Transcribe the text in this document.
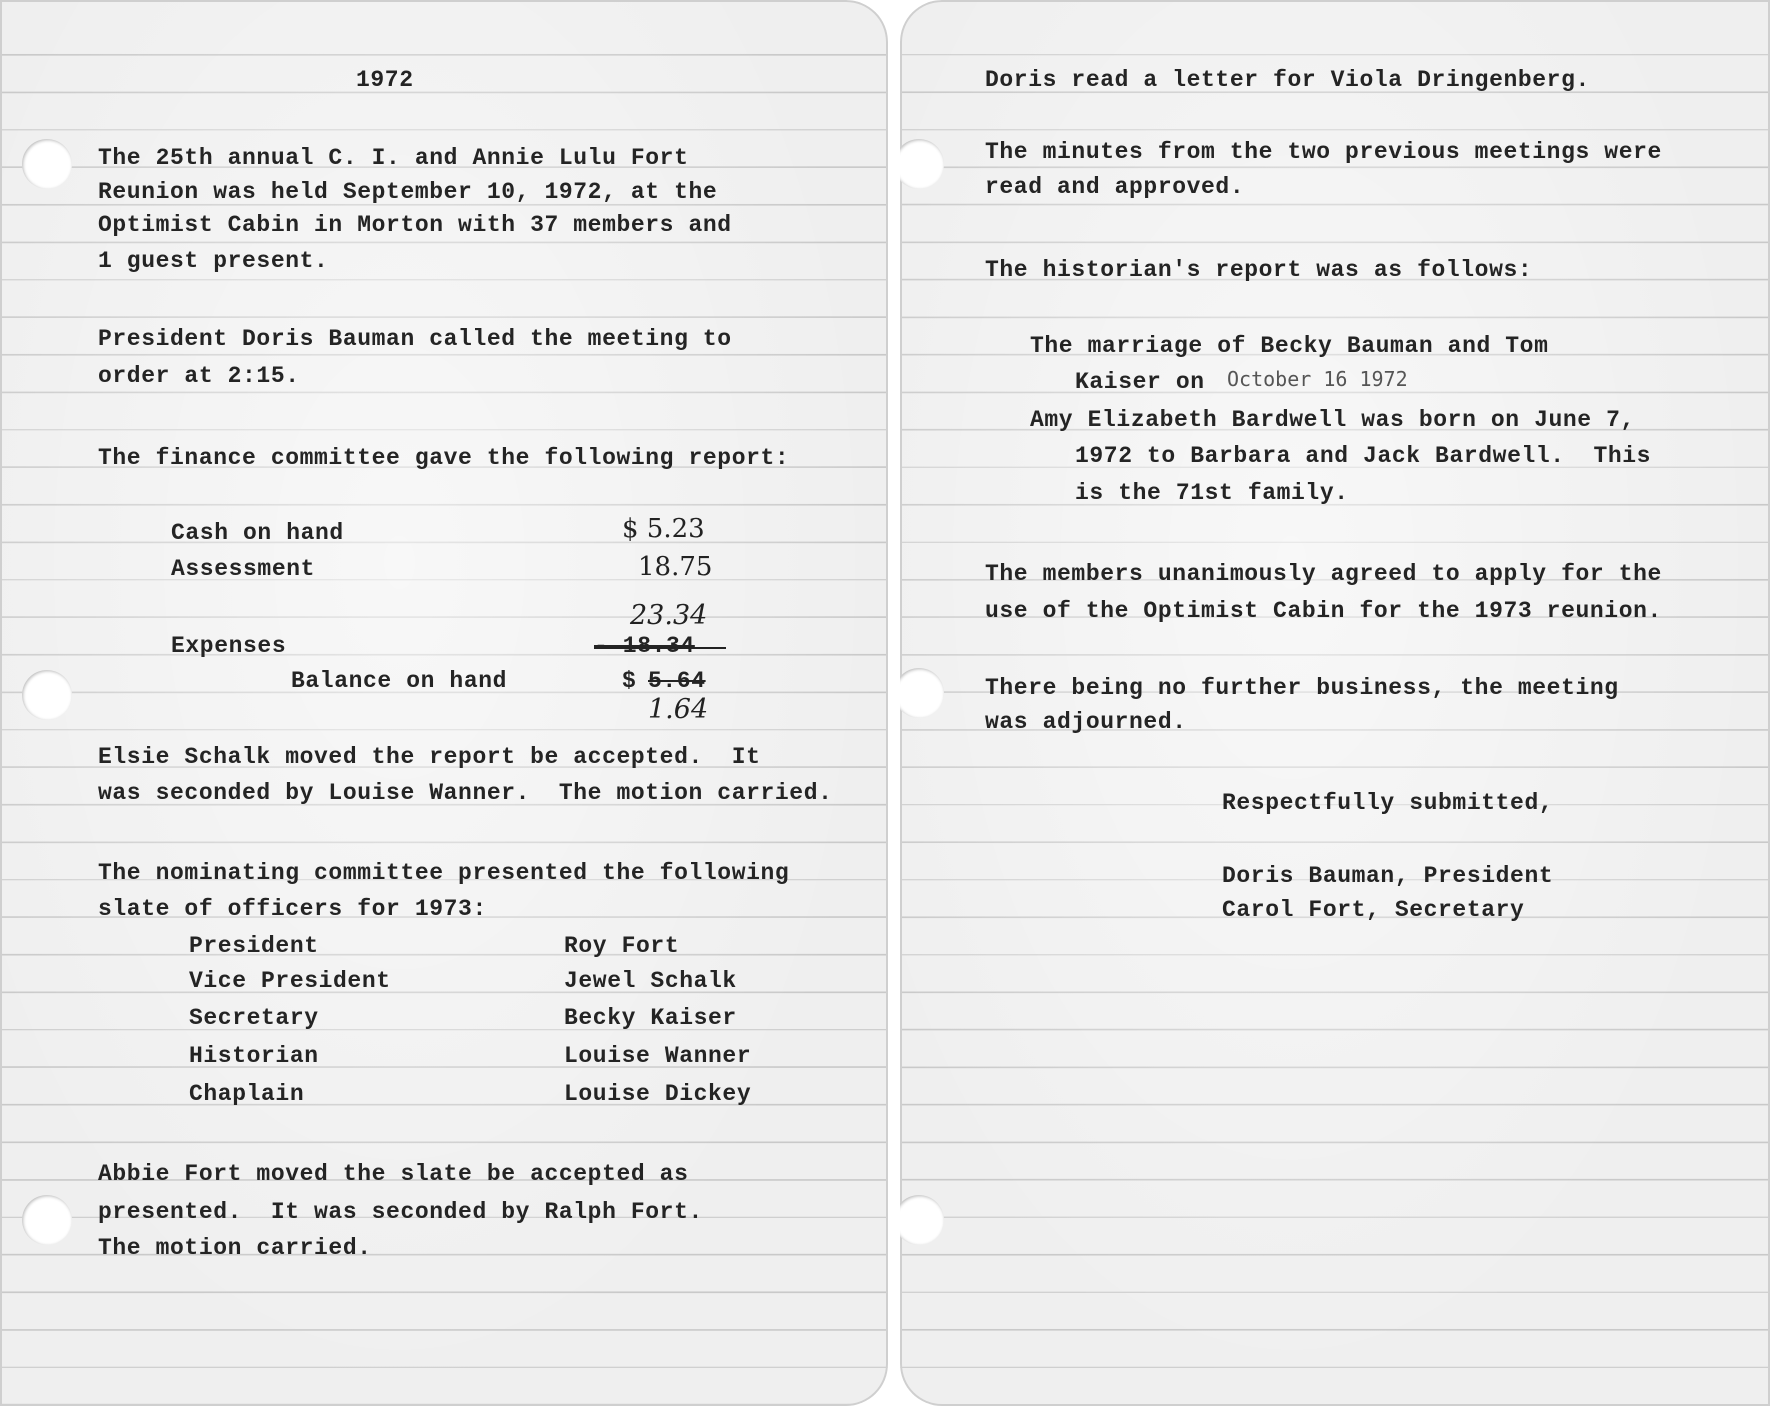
1972
The 25th annual C. I. and Annie Lulu Fort
Reunion was held September 10, 1972, at the
Optimist Cabin in Morton with 37 members and
1 guest present.
President Doris Bauman called the meeting to
order at 2:15.
The finance committee gave the following report:
Cash on hand	$ 5.23
Assessment	18.75
23.34
Expenses	- 18.34
Balance on hand	$ 5.64
1.64
Elsie Schalk moved the report be accepted.  It
was seconded by Louise Wanner.  The motion carried.
The nominating committee presented the following
slate of officers for 1973:
President	Roy Fort
Vice President	Jewel Schalk
Secretary	Becky Kaiser
Historian	Louise Wanner
Chaplain	Louise Dickey
Abbie Fort moved the slate be accepted as
presented.  It was seconded by Ralph Fort.
The motion carried.
Doris read a letter for Viola Dringenberg.
The minutes from the two previous meetings were
read and approved.
The historian's report was as follows:
The marriage of Becky Bauman and Tom
Kaiser on October 16 1972
Amy Elizabeth Bardwell was born on June 7,
1972 to Barbara and Jack Bardwell.  This
is the 71st family.
The members unanimously agreed to apply for the
use of the Optimist Cabin for the 1973 reunion.
There being no further business, the meeting
was adjourned.
Respectfully submitted,
Doris Bauman, President
Carol Fort, Secretary
